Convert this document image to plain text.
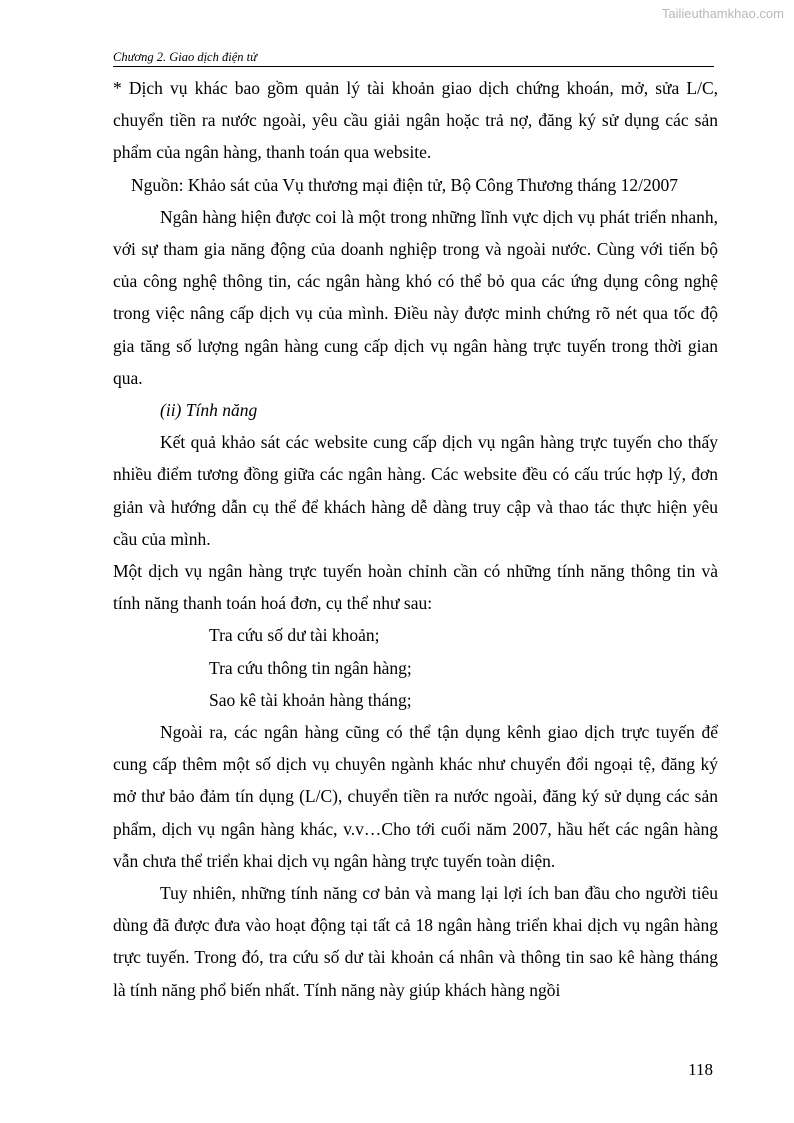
Tailieuthamkhao.com

Chương 2. Giao dịch điện tử

* Dịch vụ khác bao gồm quản lý tài khoản giao dịch chứng khoán, mở, sửa L/C, chuyển tiền ra nước ngoài, yêu cầu giải ngân hoặc trả nợ, đăng ký sử dụng các sản phẩm của ngân hàng, thanh toán qua website.

Nguồn: Khảo sát của Vụ thương mại điện tử, Bộ Công Thương tháng 12/2007

Ngân hàng hiện được coi là một trong những lĩnh vực dịch vụ phát triển nhanh, với sự tham gia năng động của doanh nghiệp trong và ngoài nước. Cùng với tiến bộ của công nghệ thông tin, các ngân hàng khó có thể bỏ qua các ứng dụng công nghệ trong việc nâng cấp dịch vụ của mình. Điều này được minh chứng rõ nét qua tốc độ gia tăng số lượng ngân hàng cung cấp dịch vụ ngân hàng trực tuyến trong thời gian qua.

(ii) Tính năng

Kết quả khảo sát các website cung cấp dịch vụ ngân hàng trực tuyến cho thấy nhiều điểm tương đồng giữa các ngân hàng. Các website đều có cấu trúc hợp lý, đơn giản và hướng dẫn cụ thể để khách hàng dễ dàng truy cập và thao tác thực hiện yêu cầu của mình.

Một dịch vụ ngân hàng trực tuyến hoàn chỉnh cần có những tính năng thông tin và tính năng thanh toán hoá đơn, cụ thể như sau:

Tra cứu số dư tài khoản;

Tra cứu thông tin ngân hàng;

Sao kê tài khoản hàng tháng;

Ngoài ra, các ngân hàng cũng có thể tận dụng kênh giao dịch trực tuyến để cung cấp thêm một số dịch vụ chuyên ngành khác như chuyển đổi ngoại tệ, đăng ký mở thư bảo đảm tín dụng (L/C), chuyển tiền ra nước ngoài, đăng ký sử dụng các sản phẩm, dịch vụ ngân hàng khác, v.v…Cho tới cuối năm 2007, hầu hết các ngân hàng vẫn chưa thể triển khai dịch vụ ngân hàng trực tuyến toàn diện.

Tuy nhiên, những tính năng cơ bản và mang lại lợi ích ban đầu cho người tiêu dùng đã được đưa vào hoạt động tại tất cả 18 ngân hàng triển khai dịch vụ ngân hàng trực tuyến. Trong đó, tra cứu số dư tài khoản cá nhân và thông tin sao kê hàng tháng là tính năng phổ biến nhất. Tính năng này giúp khách hàng ngồi

118
